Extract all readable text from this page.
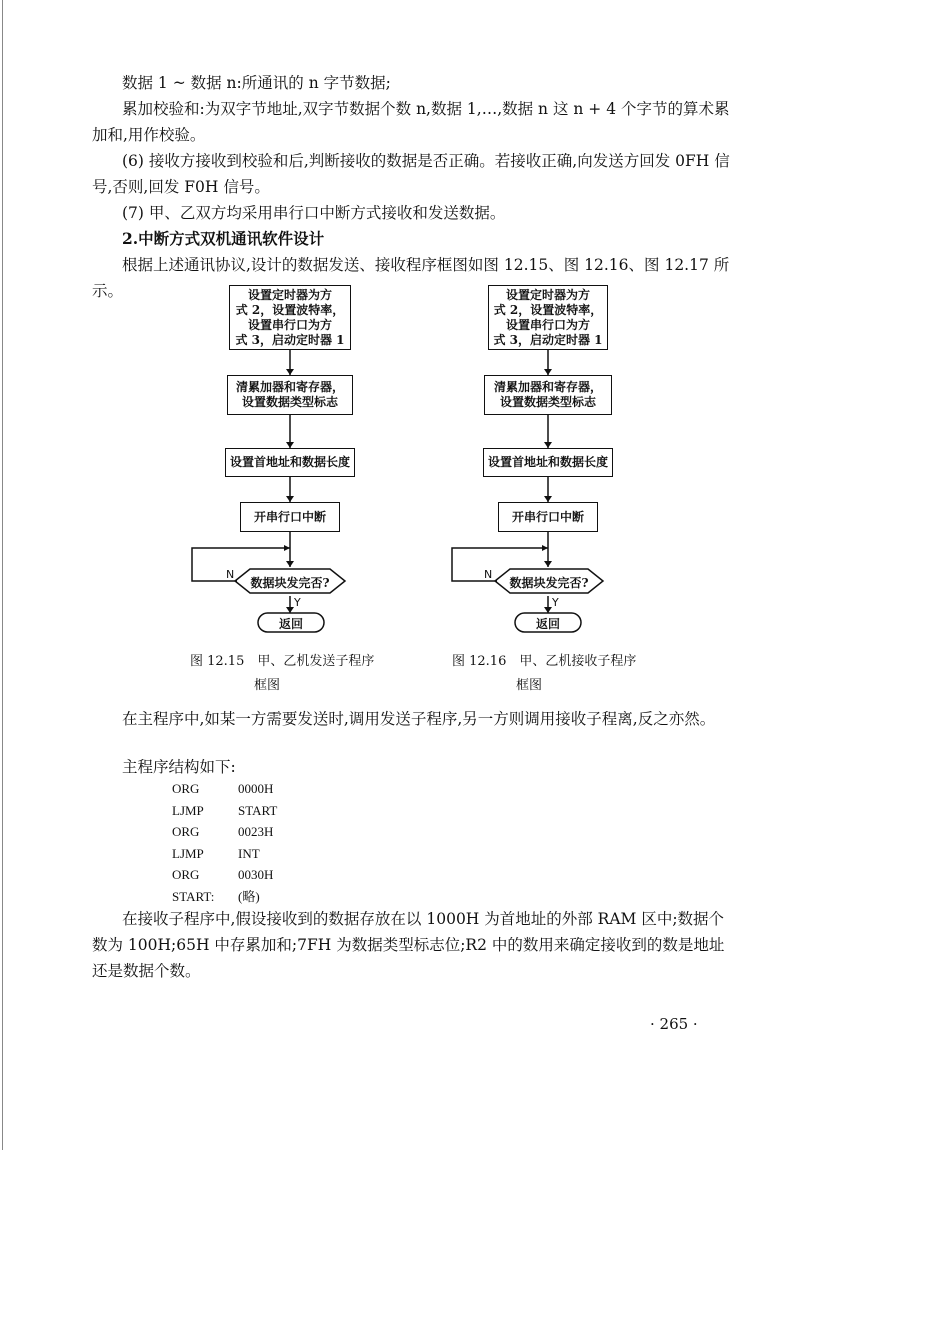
数据 1 ~ 数据 n:所通讯的 n 字节数据;

累加校验和:为双字节地址,双字节数据个数 n,数据 1,…,数据 n 这 n + 4 个字节的算术累加和,用作校验。

(6) 接收方接收到校验和后,判断接收的数据是否正确。若接收正确,向发送方回发 0FH 信号,否则,回发 F0H 信号。

(7) 甲、乙双方均采用串行口中断方式接收和发送数据。

2.中断方式双机通讯软件设计

根据上述通讯协议,设计的数据发送、接收程序框图如图 12.15、图 12.16、图 12.17 所示。	设置定时器为方
式 2，设置波特率，
设置串行口为方
式 3，启动定时器 1
清累加器和寄存器，
设置数据类型标志
设置首地址和数据长度
开串行口中断
数据块发完否?
N
Y
返回
图 12.15　甲、乙机发送子程序
框图
设置定时器为方
式 2，设置波特率，
设置串行口为方
式 3，启动定时器 1
清累加器和寄存器，
设置数据类型标志
设置首地址和数据长度
开串行口中断
数据块发完否?
N
Y
返回
图 12.16　甲、乙机接收子程序
框图

在主程序中,如某一方需要发送时,调用发送子程序,另一方则调用接收子程离,反之亦然。

主程序结构如下:

ORG	0000H
LJMP	START
ORG	0023H
LJMP	INT
ORG	0030H
START:	(略)

在接收子程序中,假设接收到的数据存放在以 1000H 为首地址的外部 RAM 区中;数据个数为 100H;65H 中存累加和;7FH 为数据类型标志位;R2 中的数用来确定接收到的数是地址还是数据个数。

· 265 ·
